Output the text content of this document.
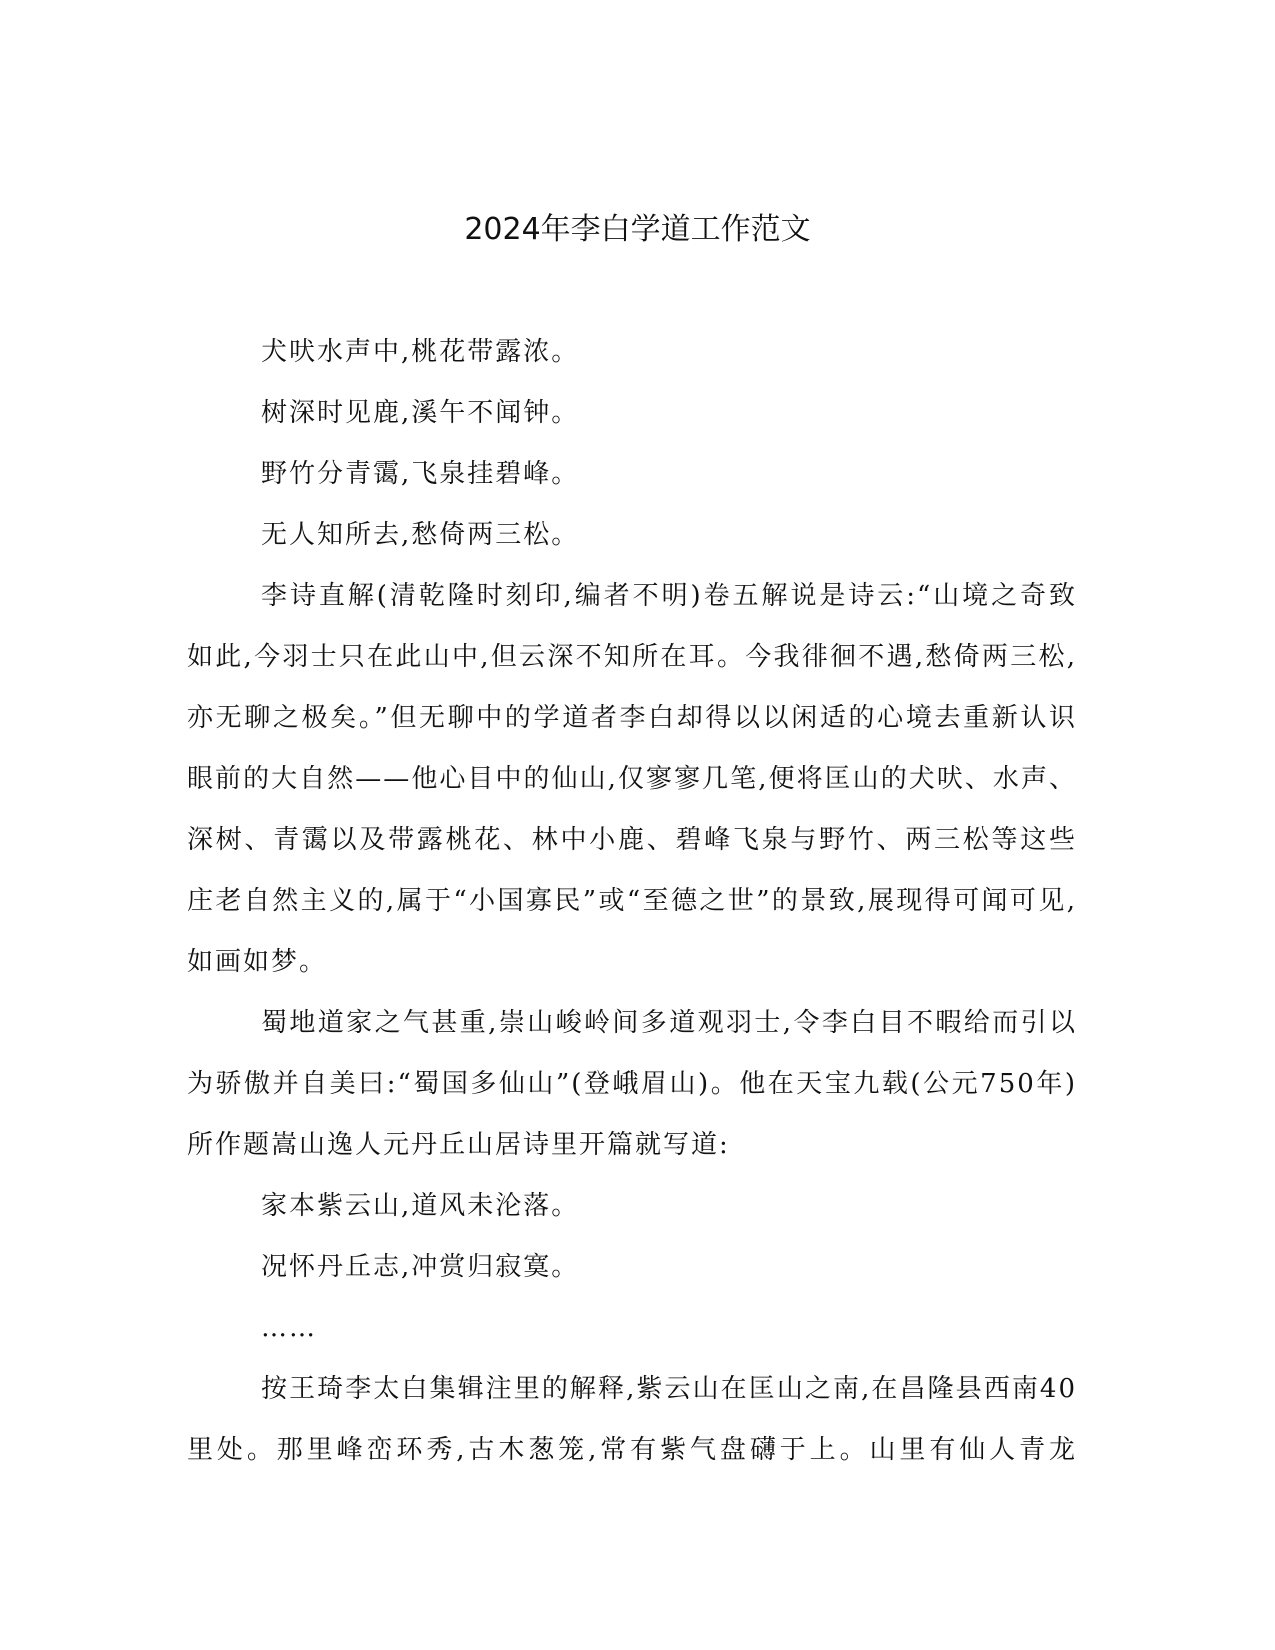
2024年李白学道工作范文

犬吠水声中,桃花带露浓。

树深时见鹿,溪午不闻钟。

野竹分青霭,飞泉挂碧峰。

无人知所去,愁倚两三松。

李诗直解(清乾隆时刻印,编者不明)卷五解说是诗云:“山境之奇致如此,今羽士只在此山中,但云深不知所在耳。今我徘徊不遇,愁倚两三松,亦无聊之极矣。”但无聊中的学道者李白却得以以闲适的心境去重新认识眼前的大自然——他心目中的仙山,仅寥寥几笔,便将匡山的犬吠、水声、深树、青霭以及带露桃花、林中小鹿、碧峰飞泉与野竹、两三松等这些庄老自然主义的,属于“小国寡民”或“至德之世”的景致,展现得可闻可见,如画如梦。

蜀地道家之气甚重,崇山峻岭间多道观羽士,令李白目不暇给而引以为骄傲并自美曰:“蜀国多仙山”(登峨眉山)。他在天宝九载(公元750年)所作题嵩山逸人元丹丘山居诗里开篇就写道:

家本紫云山,道风未沦落。

况怀丹丘志,冲赏归寂寞。

……

按王琦李太白集辑注里的解释,紫云山在匡山之南,在昌隆县西南40里处。那里峰峦环秀,古木葱笼,常有紫气盘礴于上。山里有仙人青龙
